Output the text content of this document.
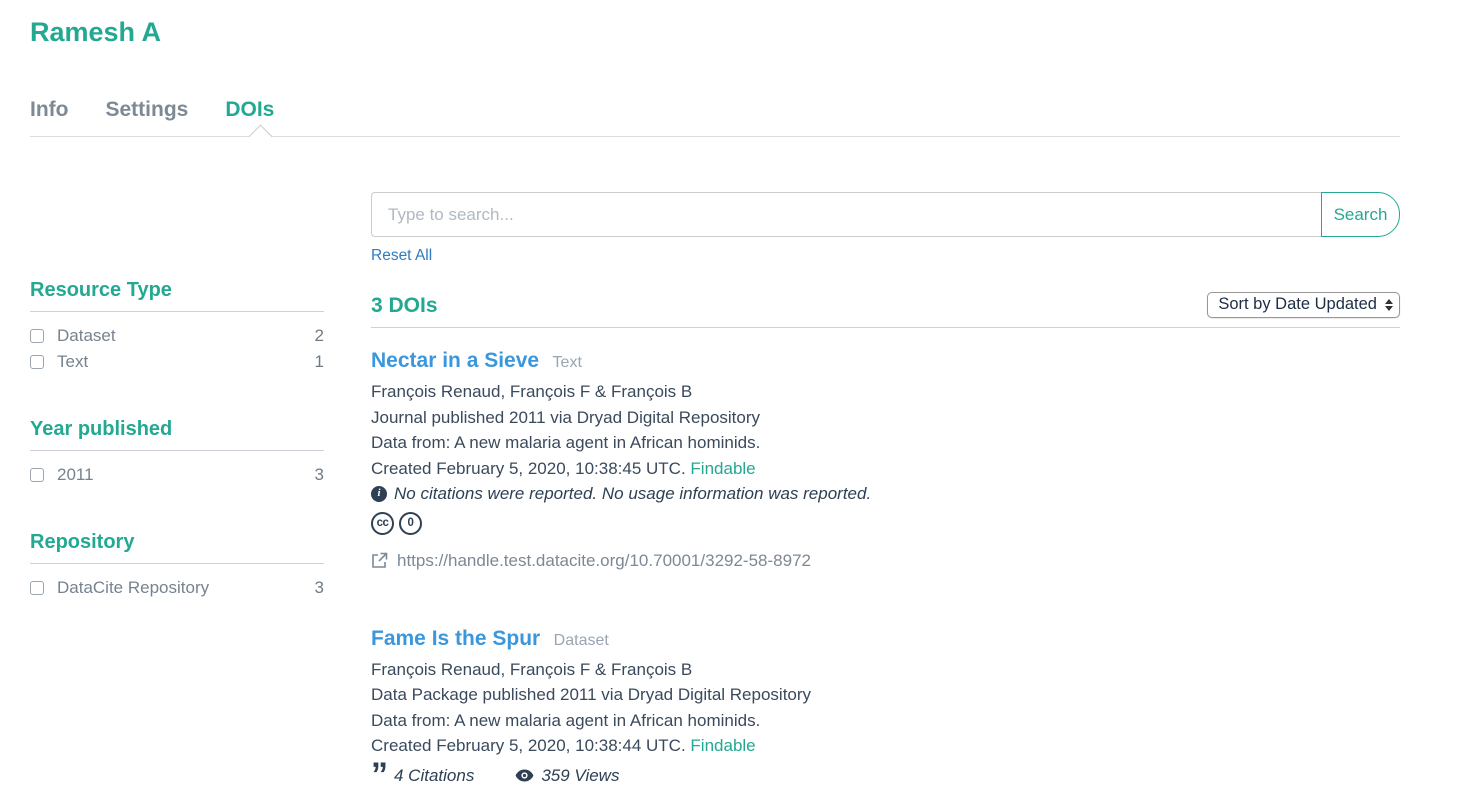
Ramesh A
Info Settings DOIs
Resource Type
Dataset	2
Text	1
Year published
2011	3
Repository
DataCite Repository	3
Type to search...
Search
Reset All
3 DOIs	Sort by Date Updated
Nectar in a Sieve Text
François Renaud, François F & François B
Journal published 2011 via Dryad Digital Repository
Data from: A new malaria agent in African hominids.
Created February 5, 2020, 10:38:45 UTC. Findable
i No citations were reported. No usage information was reported.
cc	0
https://handle.test.datacite.org/10.70001/3292-58-8972
Fame Is the Spur Dataset
François Renaud, François F & François B
Data Package published 2011 via Dryad Digital Repository
Data from: A new malaria agent in African hominids.
Created February 5, 2020, 10:38:44 UTC. Findable
” 4 Citations	359 Views
